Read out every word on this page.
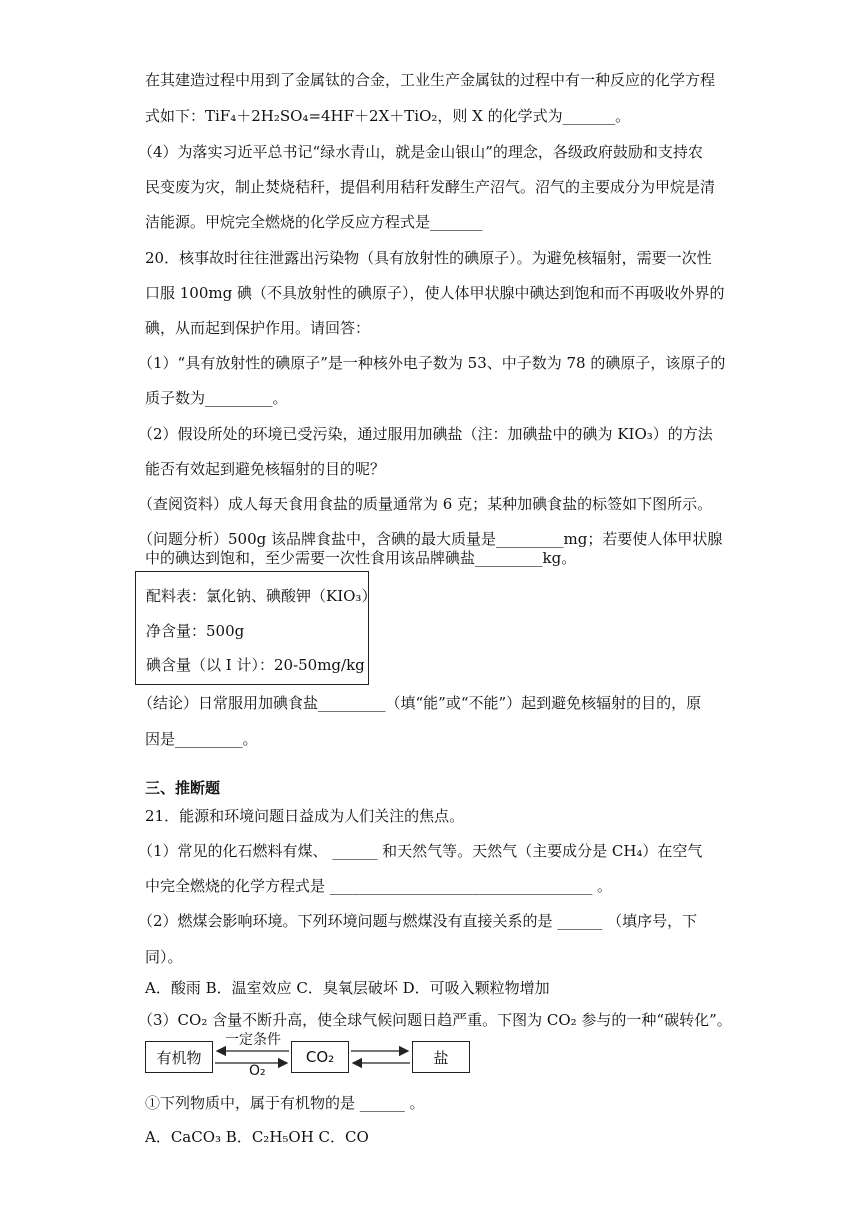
在其建造过程中用到了金属钛的合金，工业生产金属钛的过程中有一种反应的化学方程
式如下：TiF₄＋2H₂SO₄=4HF＋2X＋TiO₂，则 X 的化学式为_______。
（4）为落实习近平总书记“绿水青山，就是金山银山”的理念，各级政府鼓励和支持农
民变废为灾，制止焚烧秸秆，提倡利用秸秆发酵生产沼气。沼气的主要成分为甲烷是清
洁能源。甲烷完全燃烧的化学反应方程式是_______
20．核事故时往往泄露出污染物（具有放射性的碘原子）。为避免核辐射，需要一次性
口服 100mg 碘（不具放射性的碘原子），使人体甲状腺中碘达到饱和而不再吸收外界的
碘，从而起到保护作用。请回答：
（1）“具有放射性的碘原子”是一种核外电子数为 53、中子数为 78 的碘原子，该原子的
质子数为_________。
（2）假设所处的环境已受污染，通过服用加碘盐（注：加碘盐中的碘为 KIO₃）的方法
能否有效起到避免核辐射的目的呢？
（查阅资料）成人每天食用食盐的质量通常为 6 克；某种加碘食盐的标签如下图所示。
（问题分析）500g 该品牌食盐中，含碘的最大质量是_________mg；若要使人体甲状腺
中的碘达到饱和，至少需要一次性食用该品牌碘盐_________kg。
配料表：氯化钠、碘酸钾（KIO₃）
净含量：500g
碘含量（以 I 计）：20-50mg/kg
（结论）日常服用加碘食盐_________（填“能”或“不能”）起到避免核辐射的目的，原
因是_________。
三、推断题
21．能源和环境问题日益成为人们关注的焦点。
（1）常见的化石燃料有煤、 ______ 和天然气等。天然气（主要成分是 CH₄）在空气
中完全燃烧的化学方程式是 ___________________________________ 。
（2）燃煤会影响环境。下列环境问题与燃煤没有直接关系的是 ______ （填序号，下
同）。
A．酸雨 B．温室效应 C．臭氧层破坏 D．可吸入颗粒物增加
（3）CO₂ 含量不断升高，使全球气候问题日趋严重。下图为 CO₂ 参与的一种“碳转化”。
有机物	CO₂	盐
一定条件
O₂
①下列物质中，属于有机物的是 ______ 。
A．CaCO₃ B．C₂H₅OH C．CO
